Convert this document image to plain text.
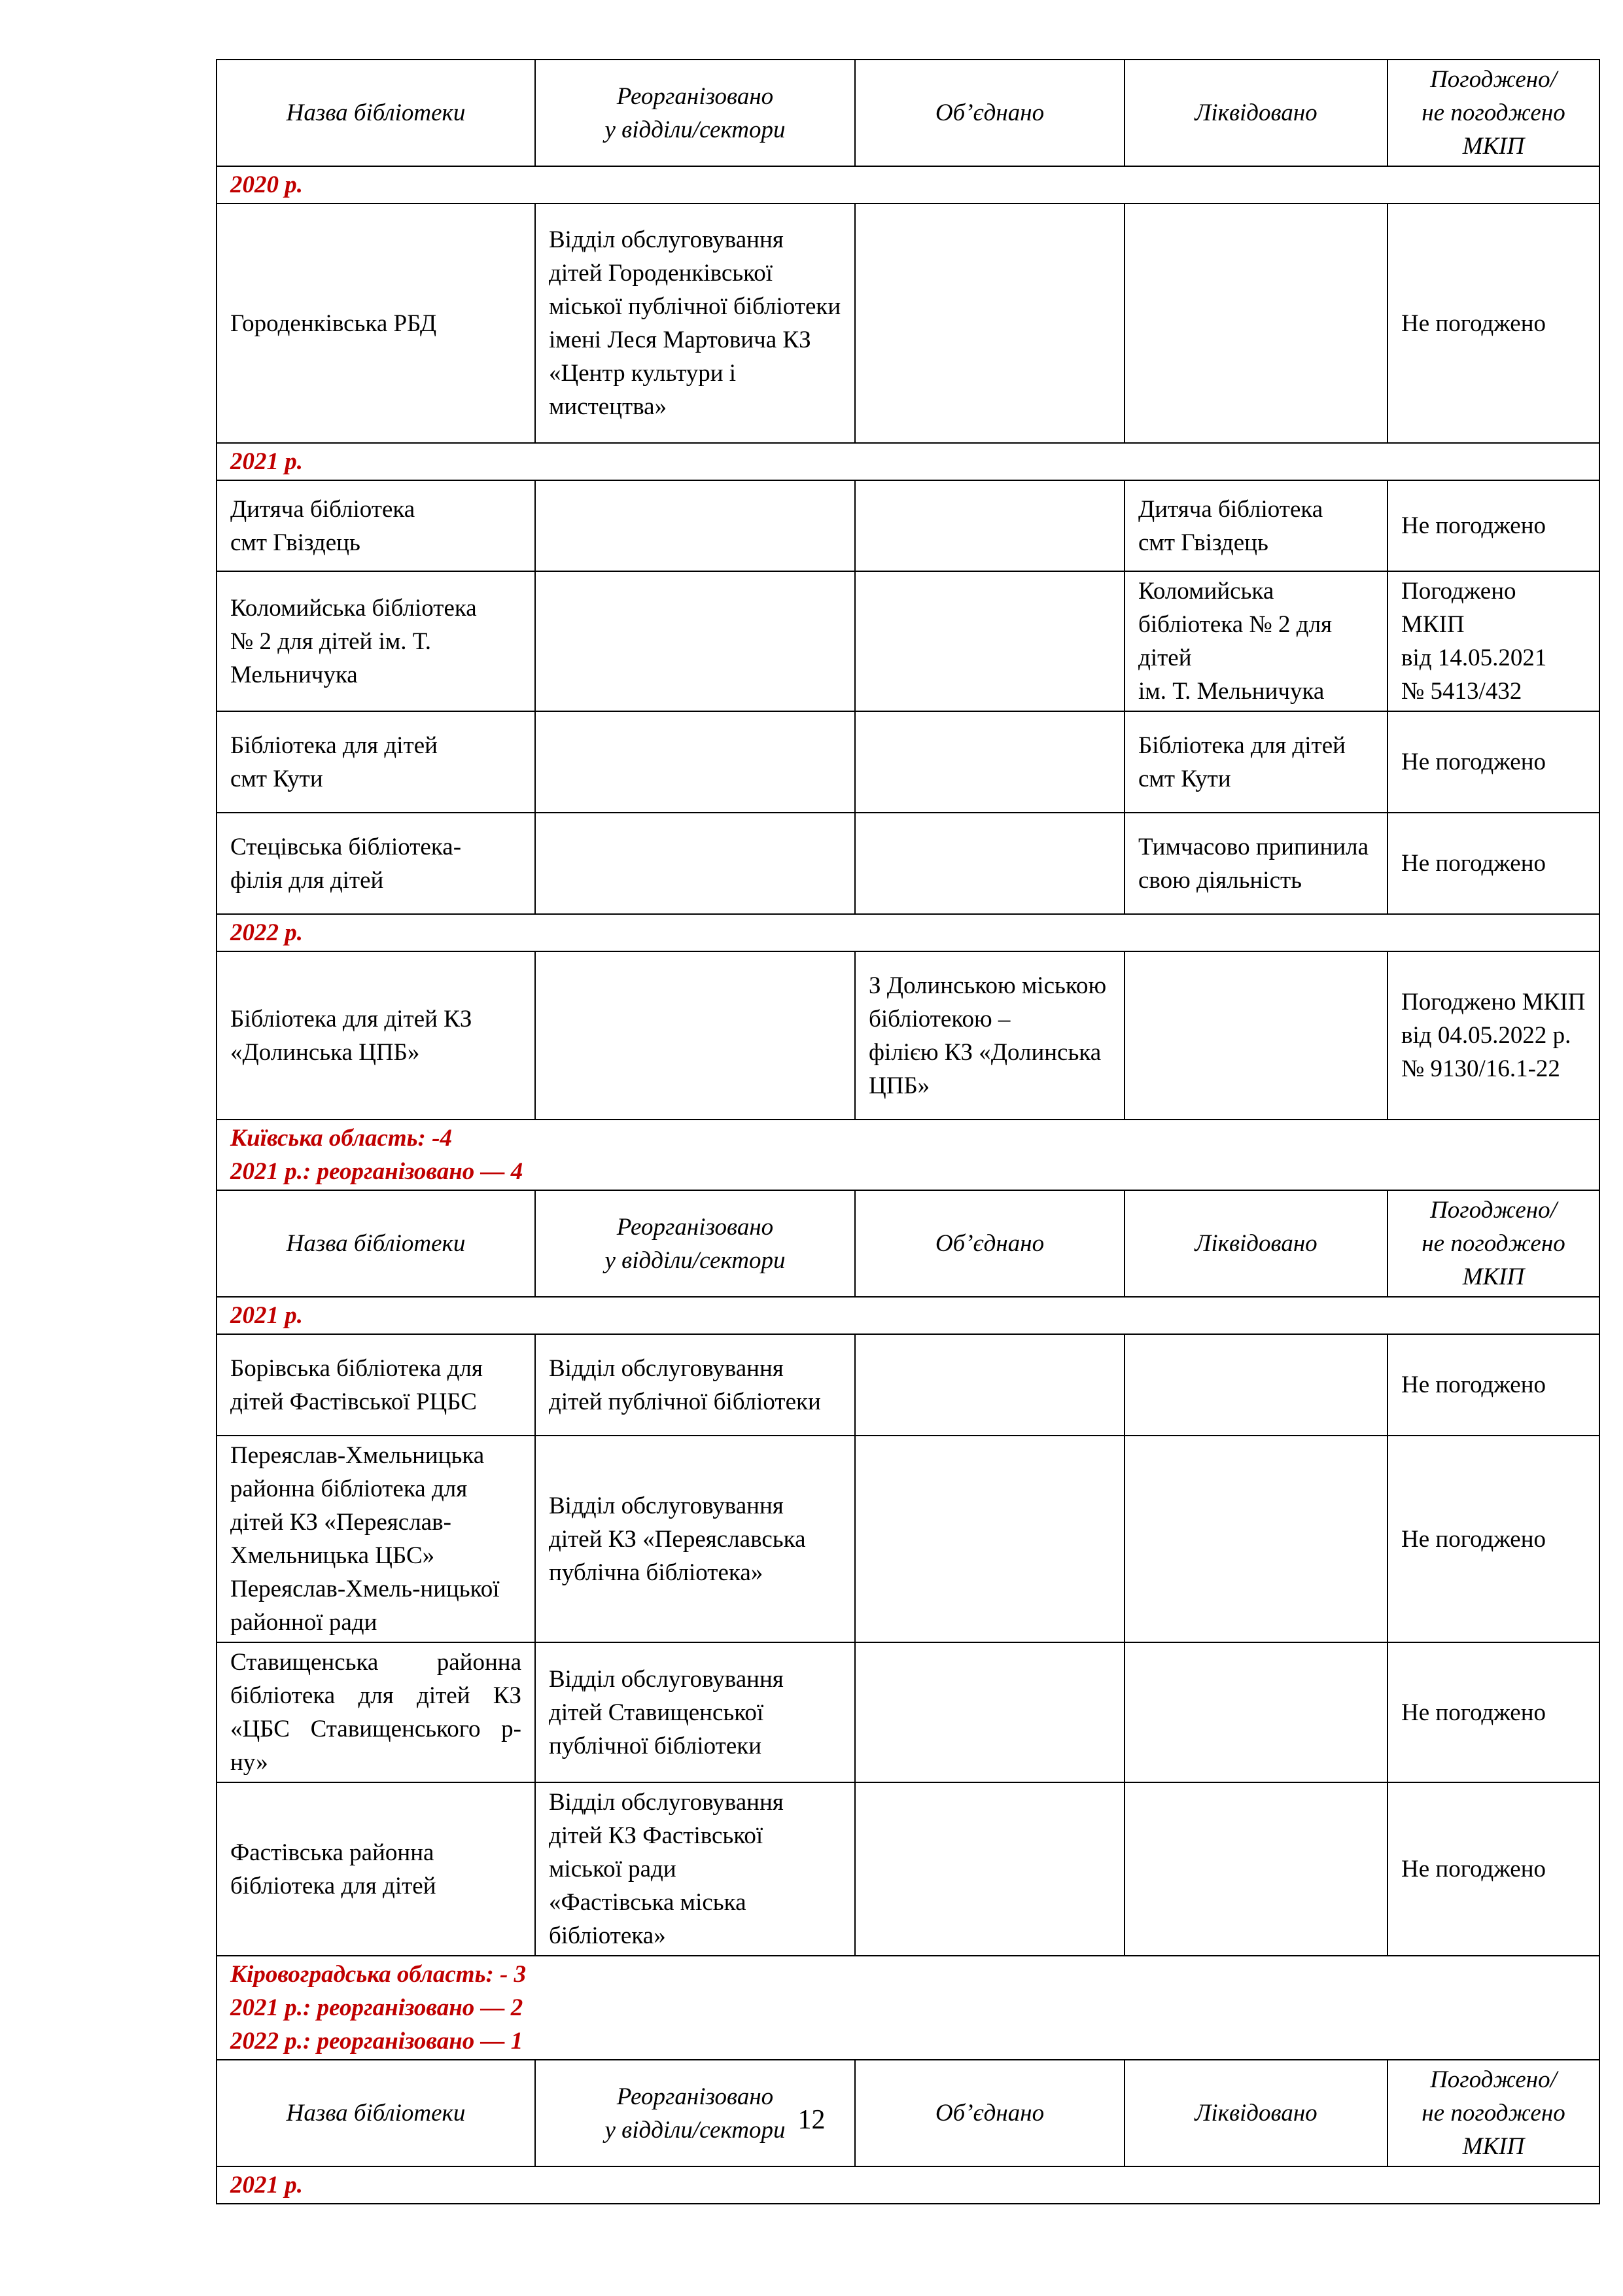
Назва бібліотеки	Реорганізовано
у відділи/сектори	Об’єднано	Ліквідовано	Погоджено/
не погоджено
МКІП

2020 р.				

Городенківська РБД	Відділ обслуговування дітей Городенківської міської публічної бібліотеки імені Леся Мартовича КЗ «Центр культури і мистецтва»			Не погоджено

2021 р.				

Дитяча бібліотека
смт Гвіздець			Дитяча бібліотека
смт Гвіздець	Не погоджено
Коломийська бібліотека
№ 2 для дітей ім. Т.
Мельничука			Коломийська бібліотека № 2 для дітей
ім. Т. Мельничука	Погоджено
МКІП
від 14.05.2021
№ 5413/432
Бібліотека для дітей
смт Кути			Бібліотека для дітей
смт Кути	Не погоджено
Стецівська бібліотека-
філія для дітей			Тимчасово припинила свою діяльність	Не погоджено

2022 р.				

Бібліотека для дітей КЗ
«Долинська ЦПБ»		З Долинською міською бібліотекою –
філією КЗ «Долинська ЦПБ»		Погоджено МКІП від 04.05.2022 р.
№ 9130/16.1-22

Київська область: -4
2021 р.: реорганізовано — 4				

Назва бібліотеки	Реорганізовано
у відділи/сектори	Об’єднано	Ліквідовано	Погоджено/
не погоджено
МКІП

2021 р.				

Борівська бібліотека для дітей Фастівської РЦБС	Відділ обслуговування дітей публічної бібліотеки			Не погоджено
Переяслав-Хмельницька районна бібліотека для дітей КЗ «Переяслав-Хмельницька ЦБС»
Переяслав-Хмель-ницької районної ради	Відділ обслуговування дітей КЗ «Переяславська публічна бібліотека»			Не погоджено
Ставищенська районна бібліотека для дітей КЗ «ЦБС Ставищенського р-ну»	Відділ обслуговування дітей Ставищенської публічної бібліотеки			Не погоджено
Фастівська районна бібліотека для дітей	Відділ обслуговування дітей КЗ Фастівської міської ради
«Фастівська міська бібліотека»			Не погоджено

Кіровоградська область: - 3
2021 р.: реорганізовано — 2
2022 р.: реорганізовано — 1				

Назва бібліотеки	Реорганізовано
у відділи/сектори	Об’єднано	Ліквідовано	Погоджено/
не погоджено
МКІП

2021 р.				
12
